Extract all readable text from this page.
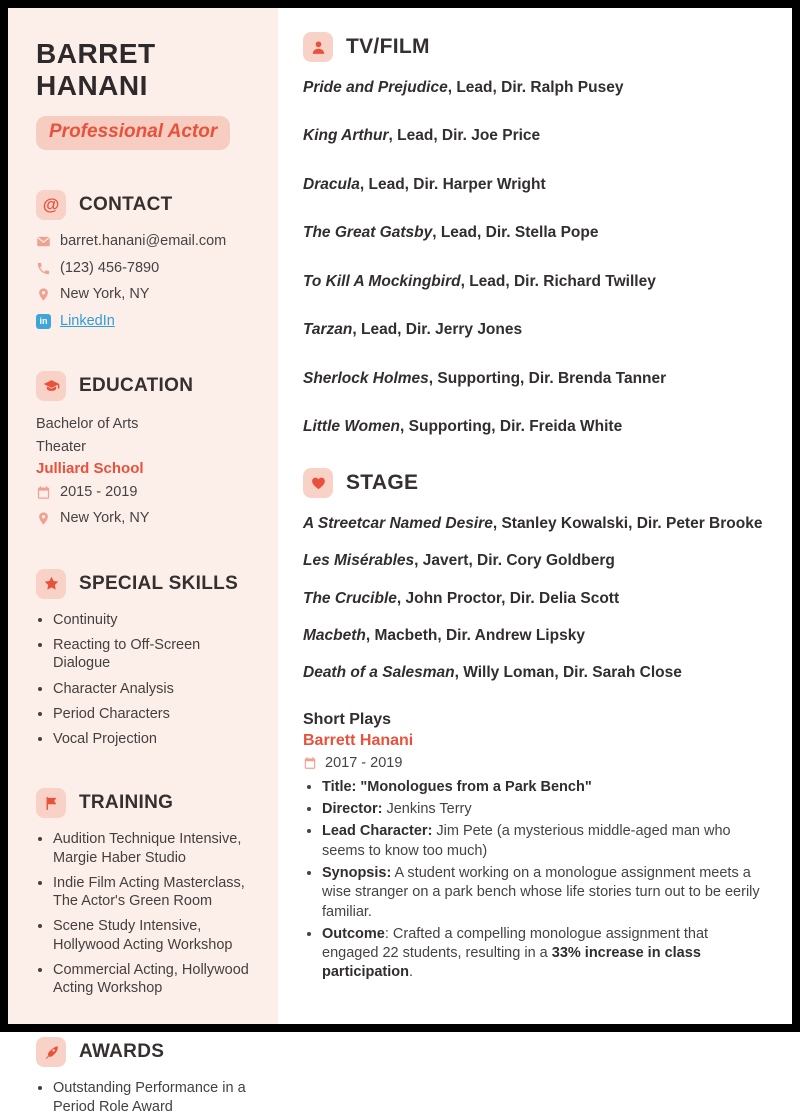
BARRET
HANANI
Professional Actor
@	CONTACT
barret.hanani@email.com
(123) 456-7890
New York, NY
in LinkedIn
EDUCATION
Bachelor of Arts
Theater
Julliard School
2015 - 2019
New York, NY
SPECIAL SKILLS
• Continuity
• Reacting to Off-Screen Dialogue
• Character Analysis
• Period Characters
• Vocal Projection
TRAINING
• Audition Technique Intensive, Margie Haber Studio
• Indie Film Acting Masterclass, The Actor's Green Room
• Scene Study Intensive, Hollywood Acting Workshop
• Commercial Acting, Hollywood Acting Workshop
AWARDS
• Outstanding Performance in a Period Role Award
TV/FILM
Pride and Prejudice, Lead, Dir. Ralph Pusey
King Arthur, Lead, Dir. Joe Price
Dracula, Lead, Dir. Harper Wright
The Great Gatsby, Lead, Dir. Stella Pope
To Kill A Mockingbird, Lead, Dir. Richard Twilley
Tarzan, Lead, Dir. Jerry Jones
Sherlock Holmes, Supporting, Dir. Brenda Tanner
Little Women, Supporting, Dir. Freida White
STAGE
A Streetcar Named Desire, Stanley Kowalski, Dir. Peter Brooke
Les Misérables, Javert, Dir. Cory Goldberg
The Crucible, John Proctor, Dir. Delia Scott
Macbeth, Macbeth, Dir. Andrew Lipsky
Death of a Salesman, Willy Loman, Dir. Sarah Close
Short Plays
Barrett Hanani
2017 - 2019
• Title: "Monologues from a Park Bench"
• Director: Jenkins Terry
• Lead Character: Jim Pete (a mysterious middle-aged man who seems to know too much)
• Synopsis: A student working on a monologue assignment meets a wise stranger on a park bench whose life stories turn out to be eerily familiar.
• Outcome: Crafted a compelling monologue assignment that engaged 22 students, resulting in a 33% increase in class participation.
